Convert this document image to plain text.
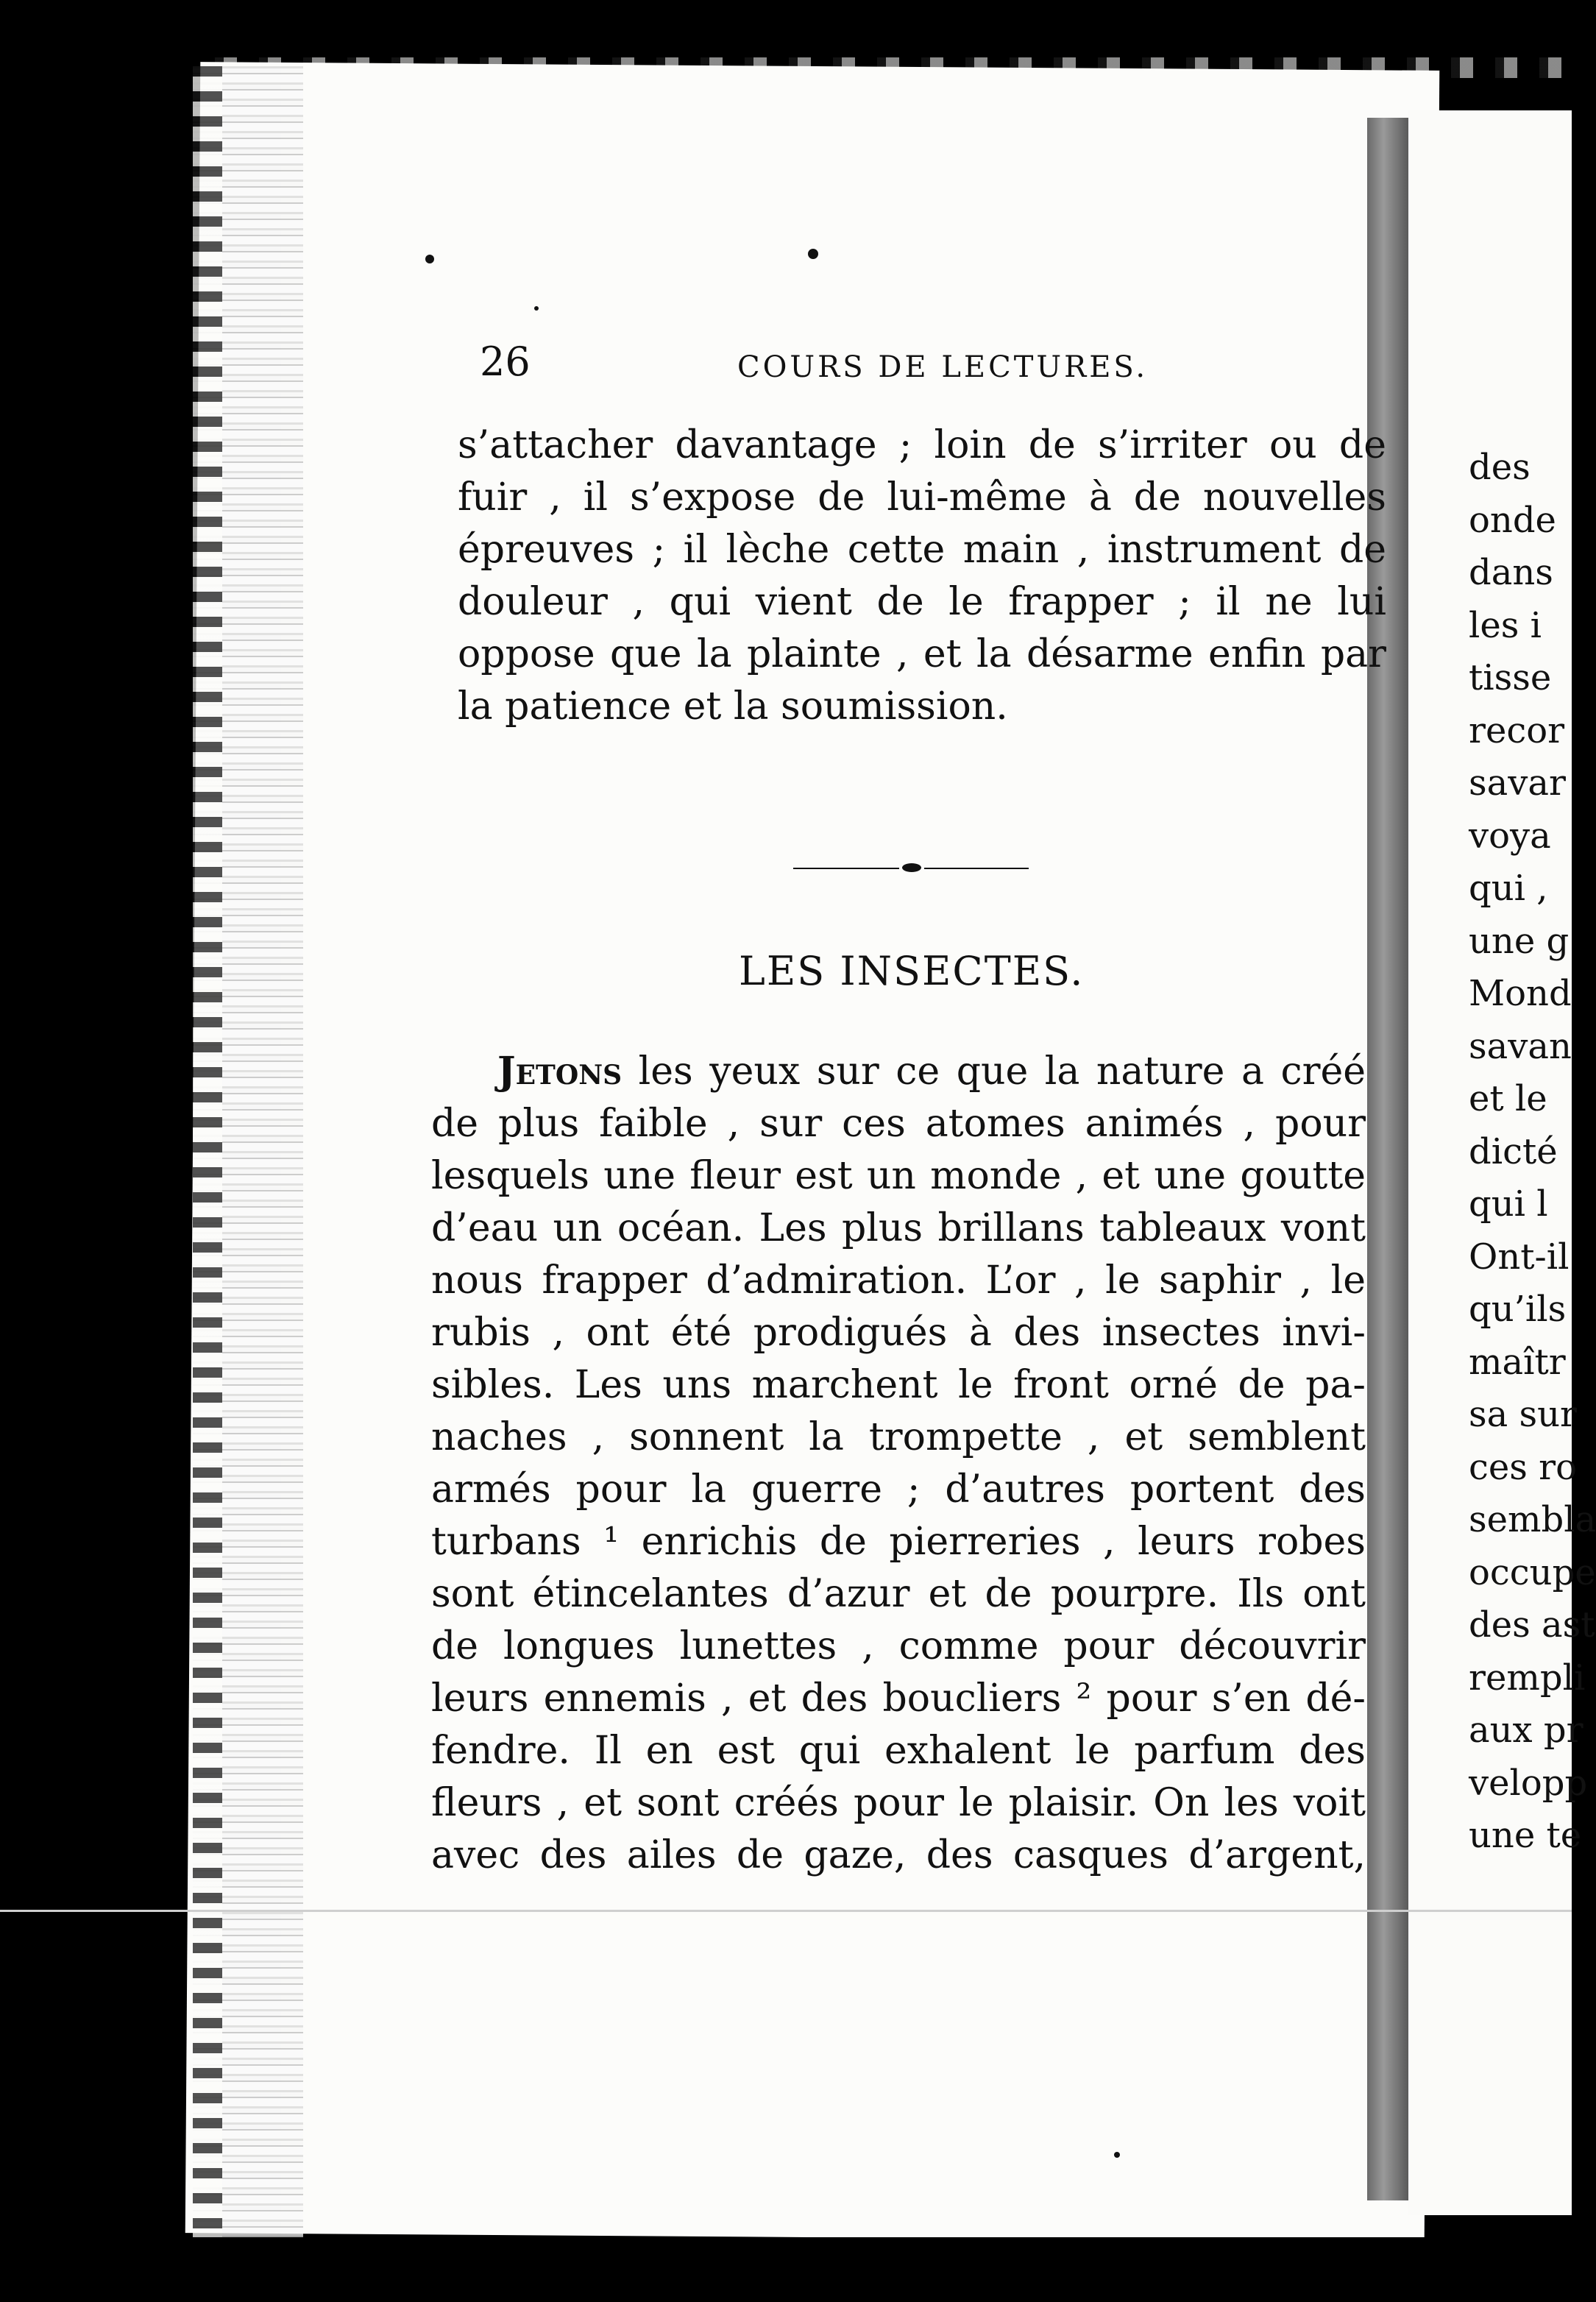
26	COURS DE LECTURES.
s’attacher davantage ; loin de s’irriter ou de
fuir , il s’expose de lui-même à de nouvelles
épreuves ; il lèche cette main , instrument de
douleur , qui vient de le frapper ; il ne lui
oppose que la plainte , et la désarme enfin par
la patience et la soumission.
LES INSECTES.
Jetons les yeux sur ce que la nature a créé
de plus faible , sur ces atomes animés , pour
lesquels une fleur est un monde , et une goutte
d’eau un océan. Les plus brillans tableaux vont
nous frapper d’admiration. L’or , le saphir , le
rubis , ont été prodigués à des insectes invi-
sibles. Les uns marchent le front orné de pa-
naches , sonnent la trompette , et semblent
armés pour la guerre ; d’autres portent des
turbans ¹ enrichis de pierreries , leurs robes
sont étincelantes d’azur et de pourpre. Ils ont
de longues lunettes , comme pour découvrir
leurs ennemis , et des boucliers ² pour s’en dé-
fendre. Il en est qui exhalent le parfum des
fleurs , et sont créés pour le plaisir. On les voit
avec des ailes de gaze, des casques d’argent,
des
onde
dans
les i
tisse
recor
savar
voya
qui ,
une g
Mond
savan
et le
dicté
qui l
Ont-il
qu’ils
maîtr
sa sur
ces ro
sembla
occupe
des ast
rempli
aux pr
velopp
une te
